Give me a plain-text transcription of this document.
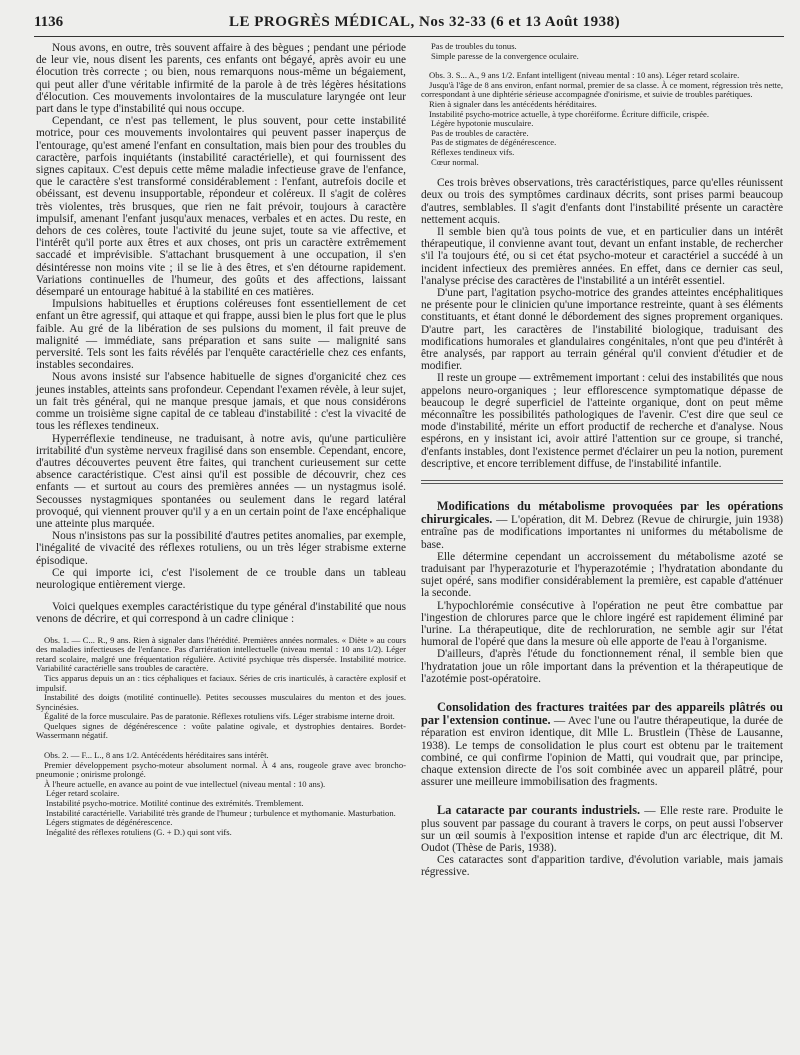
1136	LE PROGRÈS MÉDICAL, Nos 32-33 (6 et 13 Août 1938)

Nous avons, en outre, très souvent affaire à des bègues ; pendant une période de leur vie, nous disent les parents, ces enfants ont bégayé, après avoir eu une élocution très correcte ; ou bien, nous remarquons nous-même un bégaiement, qui peut aller d'une véritable infirmité de la parole à de très légères hésitations d'élocution. Ces mouvements involontaires de la musculature laryngée ont leur part dans le type d'instabilité qui nous occupe.

Cependant, ce n'est pas tellement, le plus souvent, pour cette instabilité motrice, pour ces mouvements involontaires qui peuvent passer inaperçus de l'entourage, qu'est amené l'enfant en consultation, mais bien pour des troubles du caractère, parfois inquiétants (instabilité caractérielle), et qui fournissent des signes capitaux. C'est depuis cette même maladie infectieuse grave de l'enfance, que le caractère s'est transformé considérablement : l'enfant, autrefois docile et obéissant, est devenu insupportable, répondeur et coléreux. Il s'agit de colères très violentes, très brusques, que rien ne fait prévoir, toujours à caractère impulsif, amenant l'enfant jusqu'aux menaces, verbales et en actes. Du reste, en dehors de ces colères, toute l'activité du jeune sujet, toute sa vie affective, et l'intérêt qu'il porte aux êtres et aux choses, ont pris un caractère extrêmement saccadé et imprévisible. S'attachant brusquement à une occupation, il s'en désintéresse non moins vite ; il se lie à des êtres, et s'en détourne rapidement. Variations continuelles de l'humeur, des goûts et des affections, laissant désemparé un entourage habitué à la stabilité en ces matières.

Impulsions habituelles et éruptions coléreuses font essentiellement de cet enfant un être agressif, qui attaque et qui frappe, aussi bien le plus fort que le plus faible. Au gré de la libération de ses pulsions du moment, il fait preuve de malignité — immédiate, sans préparation et sans suite — malignité sans perversité. Tels sont les faits révélés par l'enquête caractérielle chez ces enfants, instables secondaires.

Nous avons insisté sur l'absence habituelle de signes d'organicité chez ces jeunes instables, atteints sans profondeur. Cependant l'examen révèle, à leur sujet, un fait très général, qui ne manque presque jamais, et que nous considérons comme un troisième signe capital de ce tableau d'instabilité : c'est la vivacité de tous les réflexes tendineux.

Hyperréflexie tendineuse, ne traduisant, à notre avis, qu'une particulière irritabilité d'un système nerveux fragilisé dans son ensemble. Cependant, encore, d'autres découvertes peuvent être faites, qui tranchent curieusement sur cette absence caractéristique. C'est ainsi qu'il est possible de découvrir, chez ces enfants — et surtout au cours des premières années — un nystagmus isolé. Secousses nystagmiques spontanées ou seulement dans le regard latéral provoqué, qui viennent prouver qu'il y a en un certain point de l'axe encéphalique une atteinte plus marquée.

Nous n'insistons pas sur la possibilité d'autres petites anomalies, par exemple, l'inégalité de vivacité des réflexes rotuliens, ou un très léger strabisme externe épisodique.

Ce qui importe ici, c'est l'isolement de ce trouble dans un tableau neurologique entièrement vierge.

Voici quelques exemples caractéristique du type général d'instabilité que nous venons de décrire, et qui correspond à un cadre clinique :

Obs. 1. — C... R., 9 ans. Rien à signaler dans l'hérédité. Premières années normales. « Diète » au cours des maladies infectieuses de l'enfance. Pas d'arriération intellectuelle (niveau mental : 10 ans 1/2). Léger retard scolaire, malgré une fréquentation régulière. Activité psychique très dispersée. Instabilité motrice. Variabilité caractérielle sans troubles de caractère.

Tics apparus depuis un an : tics céphaliques et faciaux. Séries de cris inarticulés, à caractère explosif et impulsif.

Instabilité des doigts (motilité continuelle). Petites secousses musculaires du menton et des joues. Syncinésies.

Égalité de la force musculaire. Pas de paratonie. Réflexes rotuliens vifs. Léger strabisme interne droit.

Quelques signes de dégénérescence : voûte palatine ogivale, et dystrophies dentaires. Bordet-Wassermann négatif.

Obs. 2. — F... L., 8 ans 1/2. Antécédents héréditaires sans intérêt.

Premier développement psycho-moteur absolument normal. À 4 ans, rougeole grave avec broncho-pneumonie ; onirisme prolongé.

À l'heure actuelle, en avance au point de vue intellectuel (niveau mental : 10 ans).

Léger retard scolaire.

Instabilité psycho-motrice. Motilité continue des extrémités. Tremblement.

Instabilité caractérielle. Variabilité très grande de l'humeur ; turbulence et mythomanie. Masturbation.

Légers stigmates de dégénérescence.

Inégalité des réflexes rotuliens (G. + D.) qui sont vifs.

Pas de troubles du tonus.

Simple paresse de la convergence oculaire.

Obs. 3. S... A., 9 ans 1/2. Enfant intelligent (niveau mental : 10 ans). Léger retard scolaire.

Jusqu'à l'âge de 8 ans environ, enfant normal, premier de sa classe. À ce moment, régression très nette, correspondant à une diphtérie sérieuse accompagnée d'onirisme, et suivie de troubles parétiques.

Rien à signaler dans les antécédents héréditaires.

Instabilité psycho-motrice actuelle, à type choréiforme. Écriture difficile, crispée.

Légère hypotonie musculaire.

Pas de troubles de caractère.

Pas de stigmates de dégénérescence.

Réflexes tendineux vifs.

Cœur normal.

Ces trois brèves observations, très caractéristiques, parce qu'elles réunissent deux ou trois des symptômes cardinaux décrits, sont prises parmi beaucoup d'autres, semblables. Il s'agit d'enfants dont l'instabilité présente un caractère nettement acquis.

Il semble bien qu'à tous points de vue, et en particulier dans un intérêt thérapeutique, il convienne avant tout, devant un enfant instable, de rechercher s'il l'a toujours été, ou si cet état psycho-moteur et caractériel a succédé à un incident infectieux des premières années. En effet, dans ce dernier cas seul, l'analyse précise des caractères de l'instabilité a un intérêt essentiel.

D'une part, l'agitation psycho-motrice des grandes atteintes encéphalitiques ne présente pour le clinicien qu'une importance restreinte, quant à ses éléments constituants, et étant donné le débordement des signes proprement organiques. D'autre part, les caractères de l'instabilité biologique, traduisant des modifications humorales et glandulaires congénitales, n'ont que peu d'intérêt à être analysés, par rapport au terrain général qu'il convient d'étudier et de modifier.

Il reste un groupe — extrêmement important : celui des instabilités que nous appelons neuro-organiques ; leur efflorescence symptomatique dépasse de beaucoup le degré superficiel de l'atteinte organique, dont on peut même méconnaître les possibilités pathologiques de l'avenir. C'est dire que seul ce mode d'instabilité, mérite un effort productif de recherche et d'analyse. Nous espérons, en y insistant ici, avoir attiré l'attention sur ce groupe, si tranché, d'enfants instables, dont l'existence permet d'éclairer un peu la notion, purement descriptive, et encore terriblement diffuse, de l'instabilité infantile.

Modifications du métabolisme provoquées par les opérations chirurgicales. — L'opération, dit M. Debrez (Revue de chirurgie, juin 1938) entraîne pas de modifications importantes ni uniformes du métabolisme de base.

Elle détermine cependant un accroissement du métabolisme azoté se traduisant par l'hyperazoturie et l'hyperazotémie ; l'hydratation abondante du sujet opéré, sans modifier considérablement la première, est capable d'atténuer la seconde.

L'hypochlorémie consécutive à l'opération ne peut être combattue par l'ingestion de chlorures parce que le chlore ingéré est rapidement éliminé par l'urine. La thérapeutique, dite de rechloruration, ne semble agir sur l'état humoral de l'opéré que dans la mesure où elle apporte de l'eau à l'organisme.

D'ailleurs, d'après l'étude du fonctionnement rénal, il semble bien que l'hydratation joue un rôle important dans la prévention et la thérapeutique de l'azotémie post-opératoire.

Consolidation des fractures traitées par des appareils plâtrés ou par l'extension continue. — Avec l'une ou l'autre thérapeutique, la durée de réparation est environ identique, dit Mlle L. Brustlein (Thèse de Lausanne, 1938). Le temps de consolidation le plus court est obtenu par le traitement combiné, ce qui confirme l'opinion de Matti, qui voudrait que, par principe, chaque extension directe de l'os soit combinée avec un appareil plâtré, pour assurer une meilleure immobilisation des fragments.

La cataracte par courants industriels. — Elle reste rare. Produite le plus souvent par passage du courant à travers le corps, on peut aussi l'observer sur un œil soumis à l'exposition intense et rapide d'un arc électrique, dit M. Oudot (Thèse de Paris, 1938).

Ces cataractes sont d'apparition tardive, d'évolution variable, mais jamais régressive.
